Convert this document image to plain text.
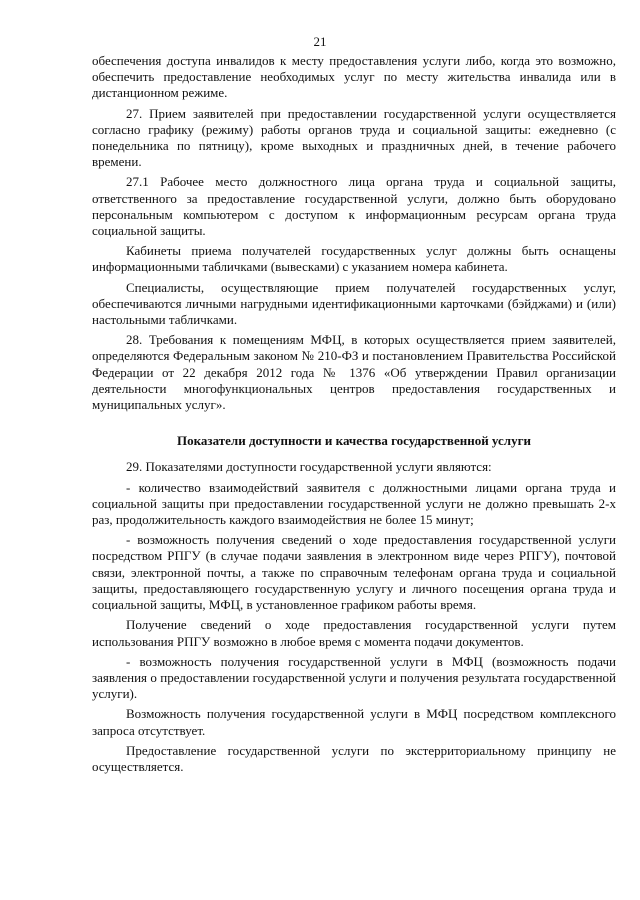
21

обеспечения доступа инвалидов к месту предоставления услуги либо, когда это возможно, обеспечить предоставление необходимых услуг по месту жительства инвалида или в дистанционном режиме.

27. Прием заявителей при предоставлении государственной услуги осуществляется согласно графику (режиму) работы органов труда и социальной защиты: ежедневно (с понедельника по пятницу), кроме выходных и праздничных дней, в течение рабочего времени.

27.1 Рабочее место должностного лица органа труда и социальной защиты, ответственного за предоставление государственной услуги, должно быть оборудовано персональным компьютером с доступом к информационным ресурсам органа труда социальной защиты.

Кабинеты приема получателей государственных услуг должны быть оснащены информационными табличками (вывесками) с указанием номера кабинета.

Специалисты, осуществляющие прием получателей государственных услуг, обеспечиваются личными нагрудными идентификационными карточками (бэйджами) и (или) настольными табличками.

28. Требования к помещениям МФЦ, в которых осуществляется прием заявителей, определяются Федеральным законом № 210-ФЗ и постановлением Правительства Российской Федерации от 22 декабря 2012 года № 1376 «Об утверждении Правил организации деятельности многофункциональных центров предоставления государственных и муниципальных услуг».

Показатели доступности и качества государственной услуги

29. Показателями доступности государственной услуги являются:

- количество взаимодействий заявителя с должностными лицами органа труда и социальной защиты при предоставлении государственной услуги не должно превышать 2-х раз, продолжительность каждого взаимодействия не более 15 минут;

- возможность получения сведений о ходе предоставления государственной услуги посредством РПГУ (в случае подачи заявления в электронном виде через РПГУ), почтовой связи, электронной почты, а также по справочным телефонам органа труда и социальной защиты, предоставляющего государственную услугу и личного посещения органа труда и социальной защиты, МФЦ, в установленное графиком работы время.

Получение сведений о ходе предоставления государственной услуги путем использования РПГУ возможно в любое время с момента подачи документов.

- возможность получения государственной услуги в МФЦ (возможность подачи заявления о предоставлении государственной услуги и получения результата государственной услуги).

Возможность получения государственной услуги в МФЦ посредством комплексного запроса отсутствует.

Предоставление государственной услуги по экстерриториальному принципу не осуществляется.
